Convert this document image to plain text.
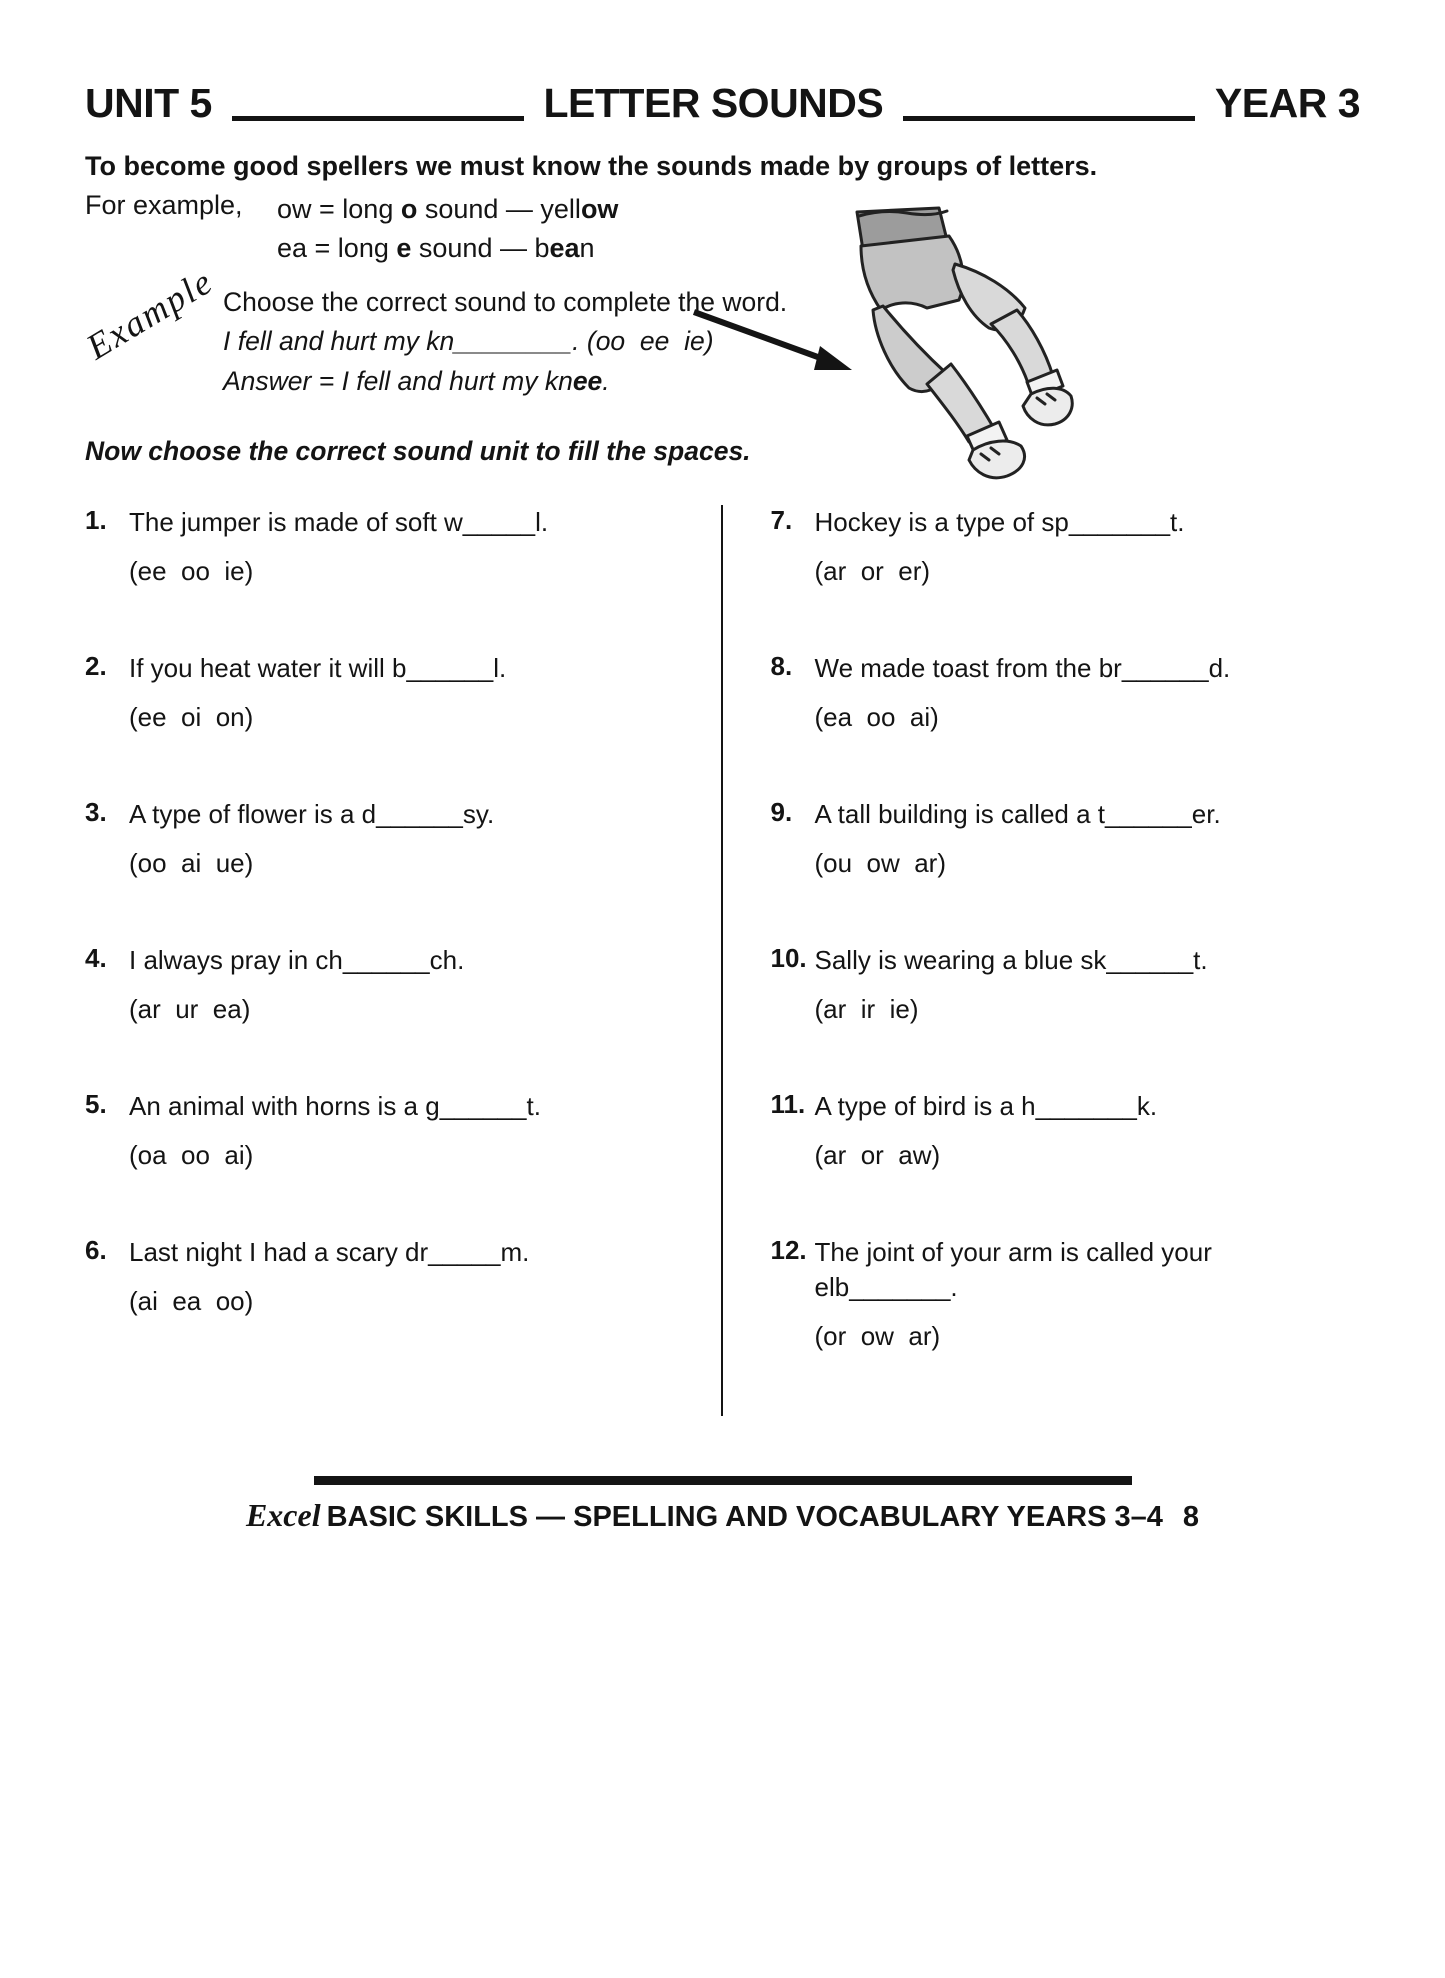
UNIT 5	LETTER SOUNDS	YEAR 3

To become good spellers we must know the sounds made by groups of letters.

For example,	ow = long o sound — yellow

ea = long e sound — bean

Example Choose the correct sound to complete the word.

I fell and hurt my kn________. (oo  ee  ie)

Answer = I fell and hurt my knee.

Now choose the correct sound unit to fill the spaces.

1. The jumper is made of soft w_____l.
(ee  oo  ie)
2. If you heat water it will b______l.
(ee  oi  on)
3. A type of flower is a d______sy.
(oo  ai  ue)
4. I always pray in ch______ch.
(ar  ur  ea)
5. An animal with horns is a g______t.
(oa  oo  ai)
6. Last night I had a scary dr_____m.
(ai  ea  oo)
7. Hockey is a type of sp_______t.
(ar  or  er)
8. We made toast from the br______d.
(ea  oo  ai)
9. A tall building is called a t______er.
(ou  ow  ar)
10. Sally is wearing a blue sk______t.
(ar  ir  ie)
11. A type of bird is a h_______k.
(ar  or  aw)
12. The joint of your arm is called your elb_______.
(or  ow  ar)

Excel BASIC SKILLS — SPELLING AND VOCABULARY YEARS 3–4 8
